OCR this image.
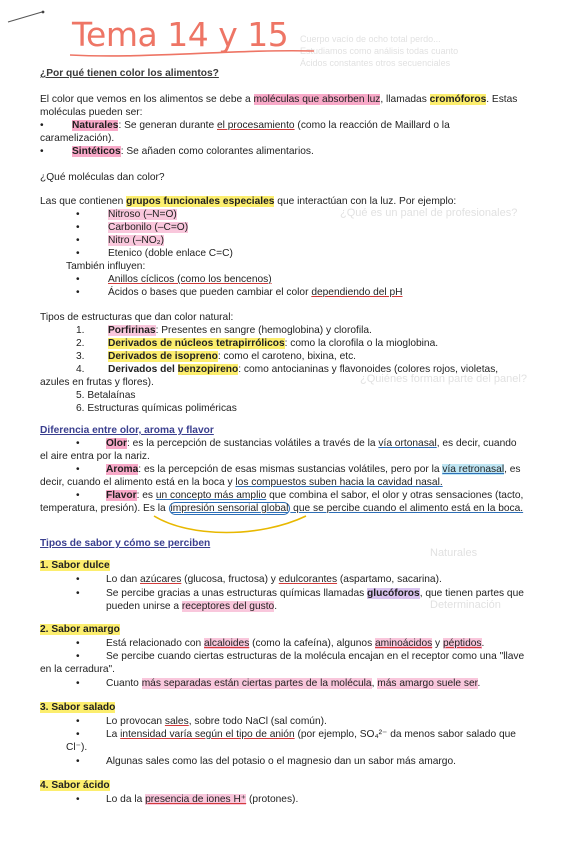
Cuerpo vacío de ocho total perdo...
Estudiamos como análisis todas cuanto
Ácidos constantes otros secuenciales
¿Qué es un panel de profesionales?
¿Quiénes forman parte del panel?
Naturales
Determinación
Tema 14 y 15
¿Por qué tienen color los alimentos?
El color que vemos en los alimentos se debe a moléculas que absorben luz, llamadas cromóforos. Estas
moléculas pueden ser:
•	Naturales: Se generan durante el procesamiento (como la reacción de Maillard o la
caramelización).
•	Sintéticos: Se añaden como colorantes alimentarios.
¿Qué moléculas dan color?
Las que contienen grupos funcionales especiales que interactúan con la luz. Por ejemplo:
•	Nitroso (–N=O)
•	Carbonilo (–C=O)
•	Nitro (–NO₂)
•	Etenico (doble enlace C=C)
También influyen:
•	Anillos cíclicos (como los bencenos)
•	Ácidos o bases que pueden cambiar el color dependiendo del pH
Tipos de estructuras que dan color natural:
1. Porfirinas: Presentes en sangre (hemoglobina) y clorofila.
2. Derivados de núcleos tetrapirrólicos: como la clorofila o la mioglobina.
3. Derivados de isopreno: como el caroteno, bixina, etc.
4. Derivados del benzopireno: como antocianinas y flavonoides (colores rojos, violetas,
azules en frutas y flores).
5. Betalaínas
6. Estructuras químicas poliméricas
Diferencia entre olor, aroma y flavor
•	Olor: es la percepción de sustancias volátiles a través de la vía ortonasal, es decir, cuando
el aire entra por la nariz.
•	Aroma: es la percepción de esas mismas sustancias volátiles, pero por la vía retronasal, es
decir, cuando el alimento está en la boca y los compuestos suben hacia la cavidad nasal.
•	Flavor: es un concepto más amplio que combina el sabor, el olor y otras sensaciones (tacto,
temperatura, presión). Es la impresión sensorial global que se percibe cuando el alimento está en la boca.
Tipos de sabor y cómo se perciben
1. Sabor dulce
•	Lo dan azúcares (glucosa, fructosa) y edulcorantes (aspartamo, sacarina).
•	Se percibe gracias a unas estructuras químicas llamadas glucóforos, que tienen partes que
pueden unirse a receptores del gusto.
2. Sabor amargo
•	Está relacionado con alcaloides (como la cafeína), algunos aminoácidos y péptidos.
•	Se percibe cuando ciertas estructuras de la molécula encajan en el receptor como una "llave
en la cerradura".
•	Cuanto más separadas están ciertas partes de la molécula, más amargo suele ser.
3. Sabor salado
•	Lo provocan sales, sobre todo NaCl (sal común).
•	La intensidad varía según el tipo de anión (por ejemplo, SO₄²⁻ da menos sabor salado que
Cl⁻).
•	Algunas sales como las del potasio o el magnesio dan un sabor más amargo.
4. Sabor ácido
•	Lo da la presencia de iones H⁺ (protones).
